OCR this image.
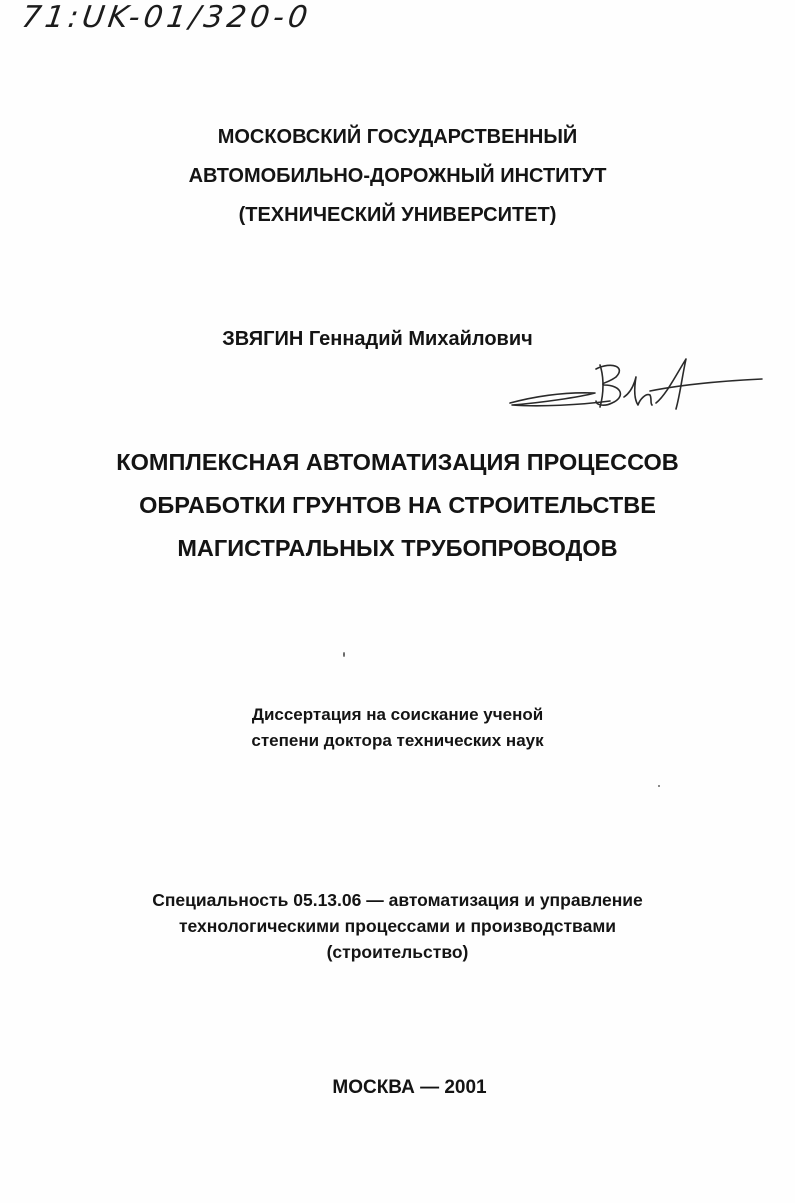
71:UK-01/320-0
МОСКОВСКИЙ ГОСУДАРСТВЕННЫЙ
АВТОМОБИЛЬНО-ДОРОЖНЫЙ ИНСТИТУТ
(ТЕХНИЧЕСКИЙ УНИВЕРСИТЕТ)
ЗВЯГИН Геннадий Михайлович
КОМПЛЕКСНАЯ АВТОМАТИЗАЦИЯ ПРОЦЕССОВ
ОБРАБОТКИ ГРУНТОВ НА СТРОИТЕЛЬСТВЕ
МАГИСТРАЛЬНЫХ ТРУБОПРОВОДОВ
Диссертация на соискание ученой
степени доктора технических наук
Специальность 05.13.06 — автоматизация и управление
технологическими процессами и производствами
(строительство)
МОСКВА — 2001
